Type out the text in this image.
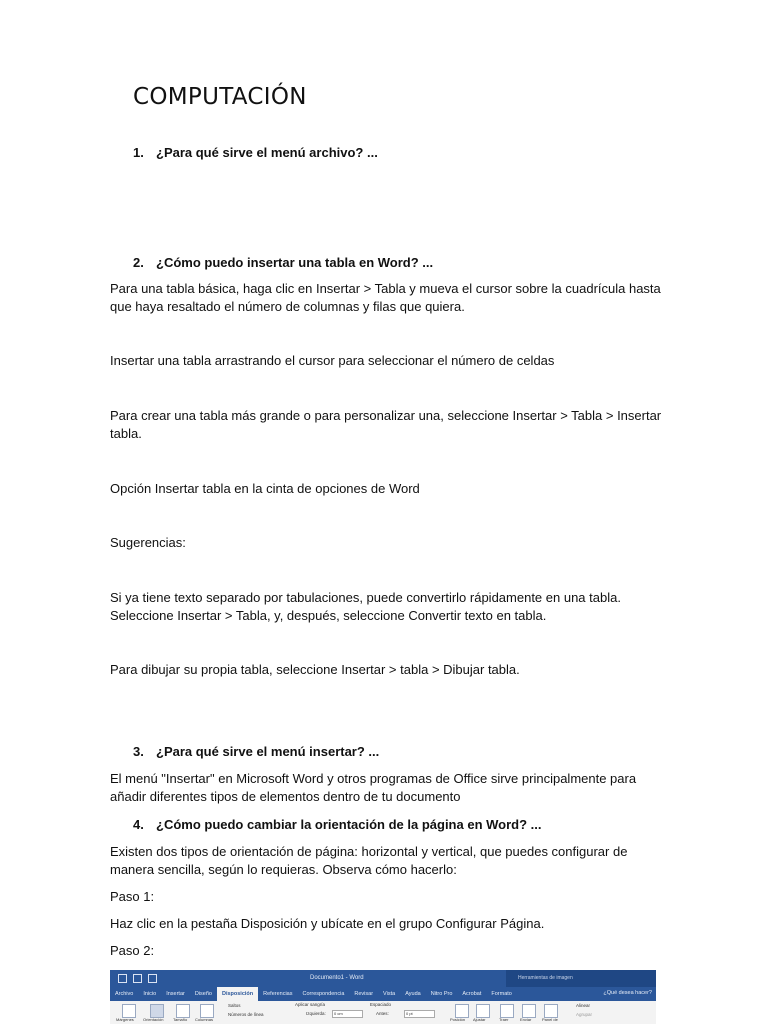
COMPUTACIÓN
1. ¿Para qué sirve el menú archivo? ...
2. ¿Cómo puedo insertar una tabla en Word? ...
Para una tabla básica, haga clic en Insertar > Tabla y mueva el cursor sobre la cuadrícula hasta que haya resaltado el número de columnas y filas que quiera.
Insertar una tabla arrastrando el cursor para seleccionar el número de celdas
Para crear una tabla más grande o para personalizar una, seleccione Insertar > Tabla > Insertar tabla.
Opción Insertar tabla en la cinta de opciones de Word
Sugerencias:
Si ya tiene texto separado por tabulaciones, puede convertirlo rápidamente en una tabla. Seleccione Insertar > Tabla, y, después, seleccione Convertir texto en tabla.
Para dibujar su propia tabla, seleccione Insertar > tabla > Dibujar tabla.
3. ¿Para qué sirve el menú insertar? ...
El menú "Insertar" en Microsoft Word y otros programas de Office sirve principalmente para añadir diferentes tipos de elementos dentro de tu documento
4. ¿Cómo puedo cambiar la orientación de la página en Word? ...
Existen dos tipos de orientación de página: horizontal y vertical, que puedes configurar de manera sencilla, según lo requieras. Observa cómo hacerlo:
Paso 1:
Haz clic en la pestaña Disposición y ubícate en el grupo Configurar Página.
Paso 2:
Documento1 - Word	Herramientas de imagen
Archivo	Inicio	Insertar	Diseño	Disposición	Referencias	Correspondencia	Revisar	Vista	Ayuda	Nitro Pro	Acrobat	Formato	¿Qué desea hacer?
Márgenes Orientación Tamaño Columnas
Saltos
Números de línea
Aplicar sangría
Izquierda:	0 cm
Espaciado
Antes:	0 pt
Posición Ajustar	Traer	Enviar	Panel de
Alinear
Agrupar
